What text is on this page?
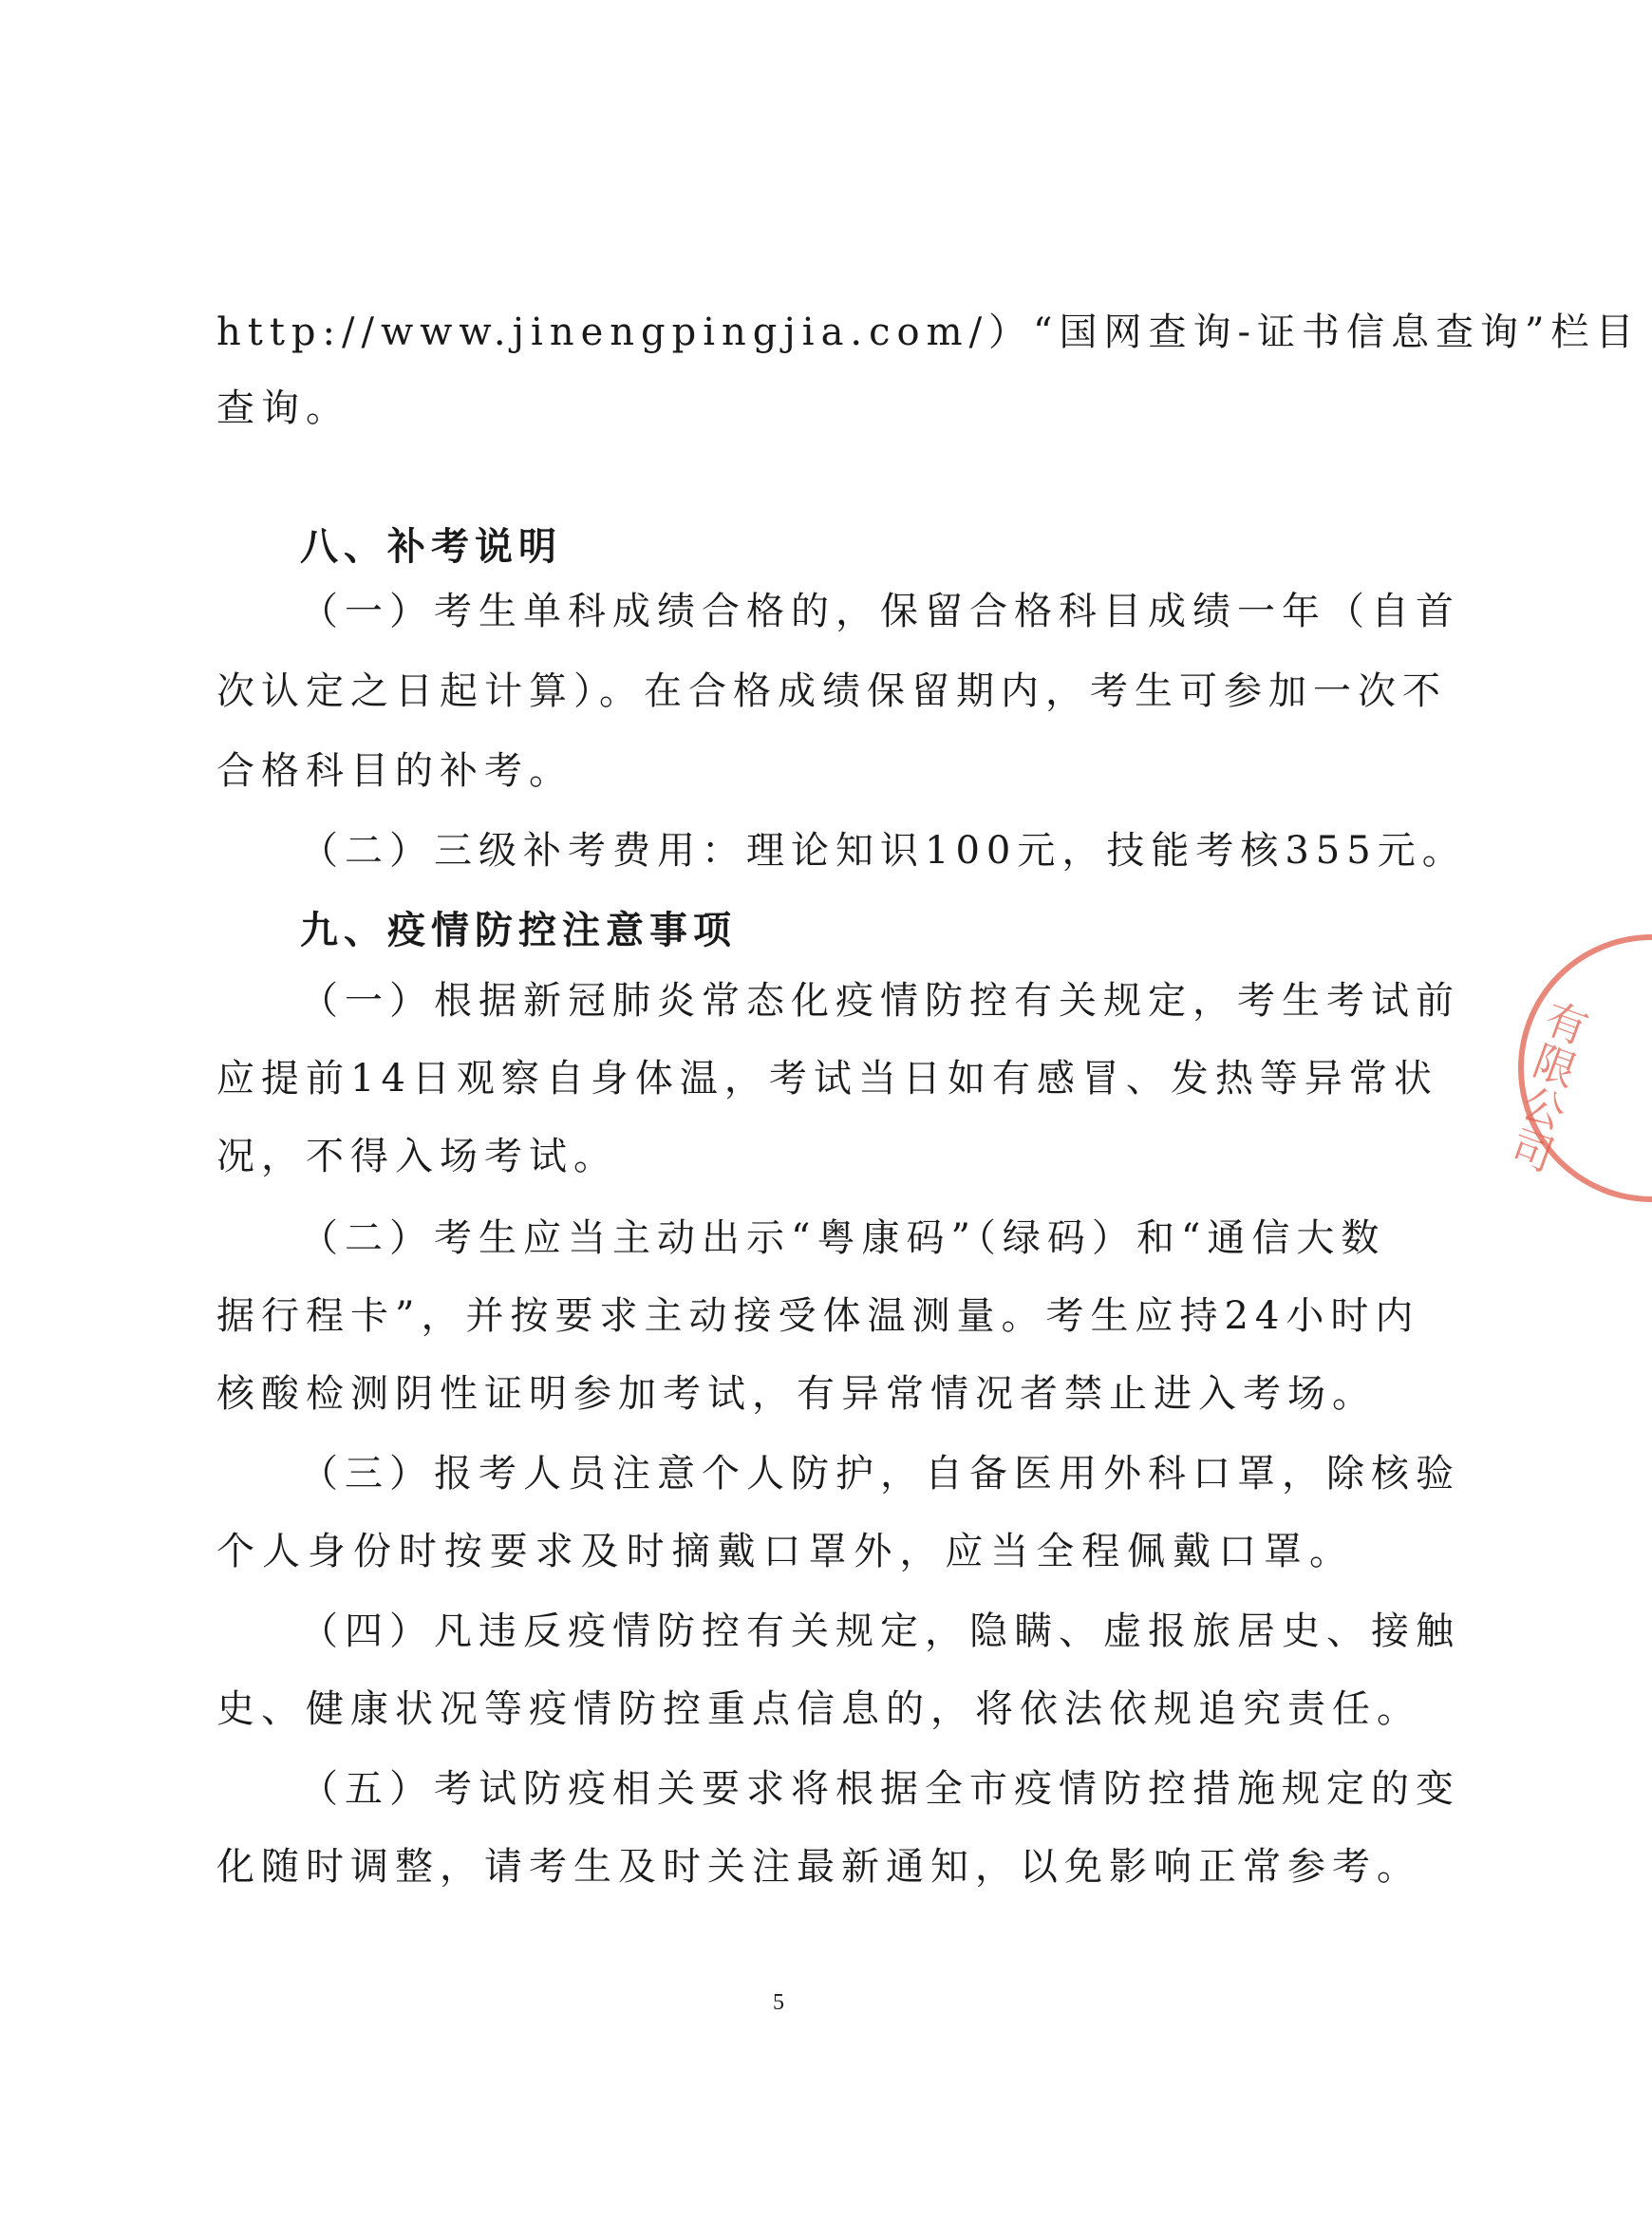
http://www.jinengpingjia.com/）“国网查询-证书信息查询”栏目
查询。
八、补考说明
（一）考生单科成绩合格的，保留合格科目成绩一年（自首
次认定之日起计算）。在合格成绩保留期内，考生可参加一次不
合格科目的补考。
（二）三级补考费用：理论知识100元，技能考核355元。
九、疫情防控注意事项
（一）根据新冠肺炎常态化疫情防控有关规定，考生考试前
应提前14日观察自身体温，考试当日如有感冒、发热等异常状
况，不得入场考试。
（二）考生应当主动出示“粤康码”（绿码）和“通信大数
据行程卡”，并按要求主动接受体温测量。考生应持24小时内
核酸检测阴性证明参加考试，有异常情况者禁止进入考场。
（三）报考人员注意个人防护，自备医用外科口罩，除核验
个人身份时按要求及时摘戴口罩外，应当全程佩戴口罩。
（四）凡违反疫情防控有关规定，隐瞒、虚报旅居史、接触
史、健康状况等疫情防控重点信息的，将依法依规追究责任。
（五）考试防疫相关要求将根据全市疫情防控措施规定的变
化随时调整，请考生及时关注最新通知，以免影响正常参考。
5
有限公司
